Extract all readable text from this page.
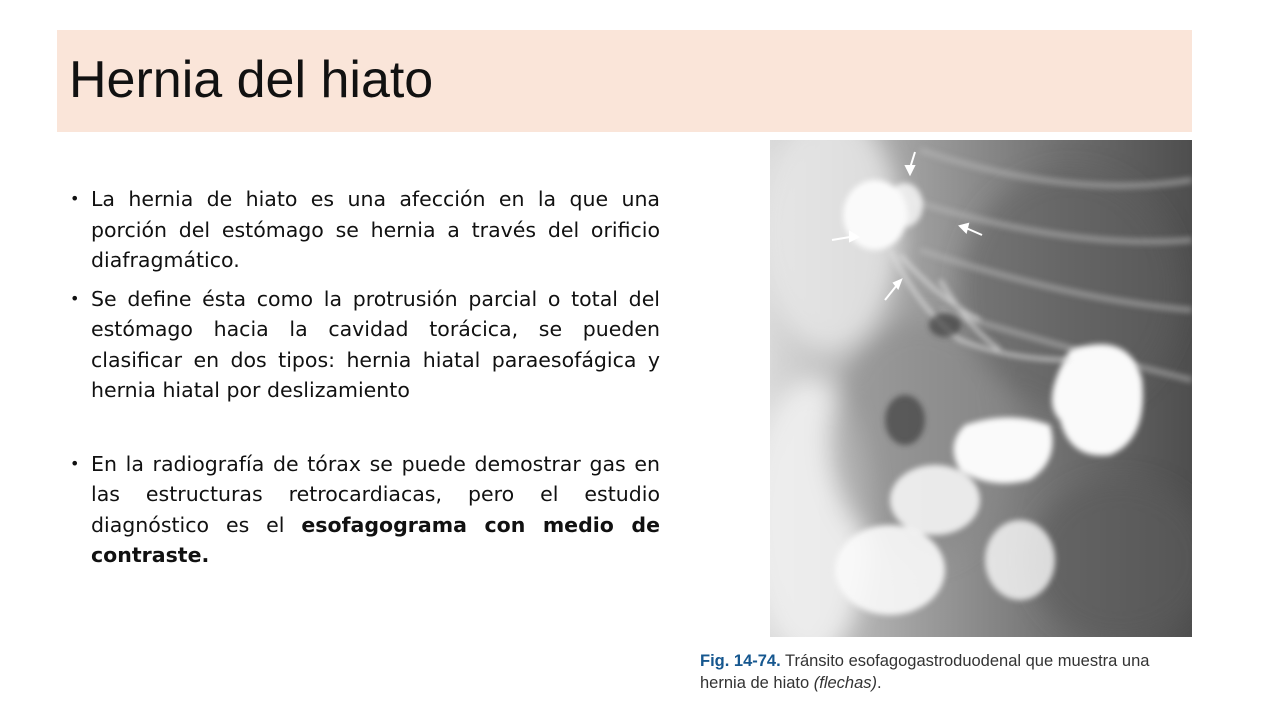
Hernia del hiato
• La hernia de hiato es una afección en la que una porción del estómago se hernia a través del orificio diafragmático.
• Se define ésta como la protrusión parcial o total del estómago hacia la cavidad torácica, se pueden clasificar en dos tipos: hernia hiatal paraesofágica y hernia hiatal por deslizamiento
• En la radiografía de tórax se puede demostrar gas en las estructuras retrocardiacas, pero el estudio diagnóstico es el esofagograma con medio de contraste.
Fig. 14-74. Tránsito esofagogastroduodenal que muestra una hernia de hiato (flechas).
